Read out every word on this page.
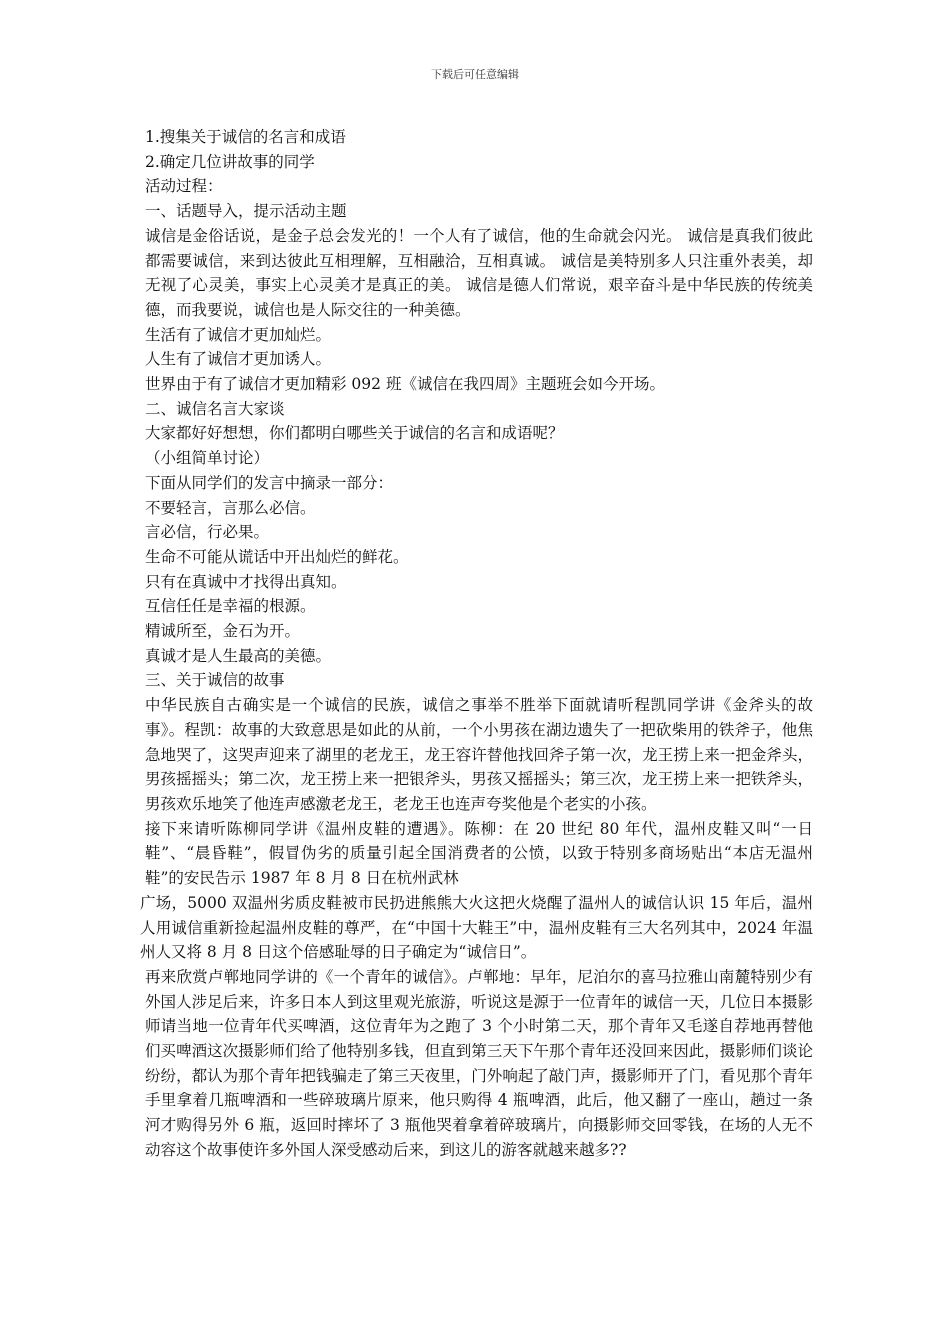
下载后可任意编辑

1.搜集关于诚信的名言和成语

2.确定几位讲故事的同学

活动过程：

一、话题导入，提示活动主题

诚信是金俗话说，是金子总会发光的！一个人有了诚信，他的生命就会闪光。 诚信是真我们彼此都需要诚信，来到达彼此互相理解，互相融洽，互相真诚。 诚信是美特别多人只注重外表美，却无视了心灵美，事实上心灵美才是真正的美。 诚信是德人们常说，艰辛奋斗是中华民族的传统美德，而我要说，诚信也是人际交往的一种美德。

生活有了诚信才更加灿烂。

人生有了诚信才更加诱人。

世界由于有了诚信才更加精彩 092 班《诚信在我四周》主题班会如今开场。

二、诚信名言大家谈

大家都好好想想，你们都明白哪些关于诚信的名言和成语呢？

（小组简单讨论）

下面从同学们的发言中摘录一部分：

不要轻言，言那么必信。

言必信，行必果。

生命不可能从谎话中开出灿烂的鲜花。

只有在真诚中才找得出真知。

互信任任是幸福的根源。

精诚所至，金石为开。

真诚才是人生最高的美德。

三、关于诚信的故事

中华民族自古确实是一个诚信的民族，诚信之事举不胜举下面就请听程凯同学讲《金斧头的故事》。程凯：故事的大致意思是如此的从前，一个小男孩在湖边遗失了一把砍柴用的铁斧子，他焦急地哭了，这哭声迎来了湖里的老龙王，龙王容许替他找回斧子第一次，龙王捞上来一把金斧头，男孩摇摇头；第二次，龙王捞上来一把银斧头，男孩又摇摇头；第三次，龙王捞上来一把铁斧头，男孩欢乐地笑了他连声感激老龙王，老龙王也连声夸奖他是个老实的小孩。

接下来请听陈柳同学讲《温州皮鞋的遭遇》。陈柳：在 20 世纪 80 年代，温州皮鞋又叫“一日鞋”、“晨昏鞋”，假冒伪劣的质量引起全国消费者的公愤，以致于特别多商场贴出“本店无温州鞋”的安民告示 1987 年 8 月 8 日在杭州武林

广场，5000 双温州劣质皮鞋被市民扔进熊熊大火这把火烧醒了温州人的诚信认识 15 年后，温州人用诚信重新捡起温州皮鞋的尊严，在“中国十大鞋王”中，温州皮鞋有三大名列其中，2024 年温州人又将 8 月 8 日这个倍感耻辱的日子确定为“诚信日”。

再来欣赏卢郸地同学讲的《一个青年的诚信》。卢郸地：早年，尼泊尔的喜马拉雅山南麓特别少有外国人涉足后来，许多日本人到这里观光旅游，听说这是源于一位青年的诚信一天，几位日本摄影师请当地一位青年代买啤酒，这位青年为之跑了 3 个小时第二天，那个青年又毛遂自荐地再替他们买啤酒这次摄影师们给了他特别多钱，但直到第三天下午那个青年还没回来因此，摄影师们谈论纷纷，都认为那个青年把钱骗走了第三天夜里，门外响起了敲门声，摄影师开了门，看见那个青年手里拿着几瓶啤酒和一些碎玻璃片原来，他只购得 4 瓶啤酒，此后，他又翻了一座山，趟过一条河才购得另外 6 瓶，返回时摔坏了 3 瓶他哭着拿着碎玻璃片，向摄影师交回零钱，在场的人无不动容这个故事使许多外国人深受感动后来，到这儿的游客就越来越多??
